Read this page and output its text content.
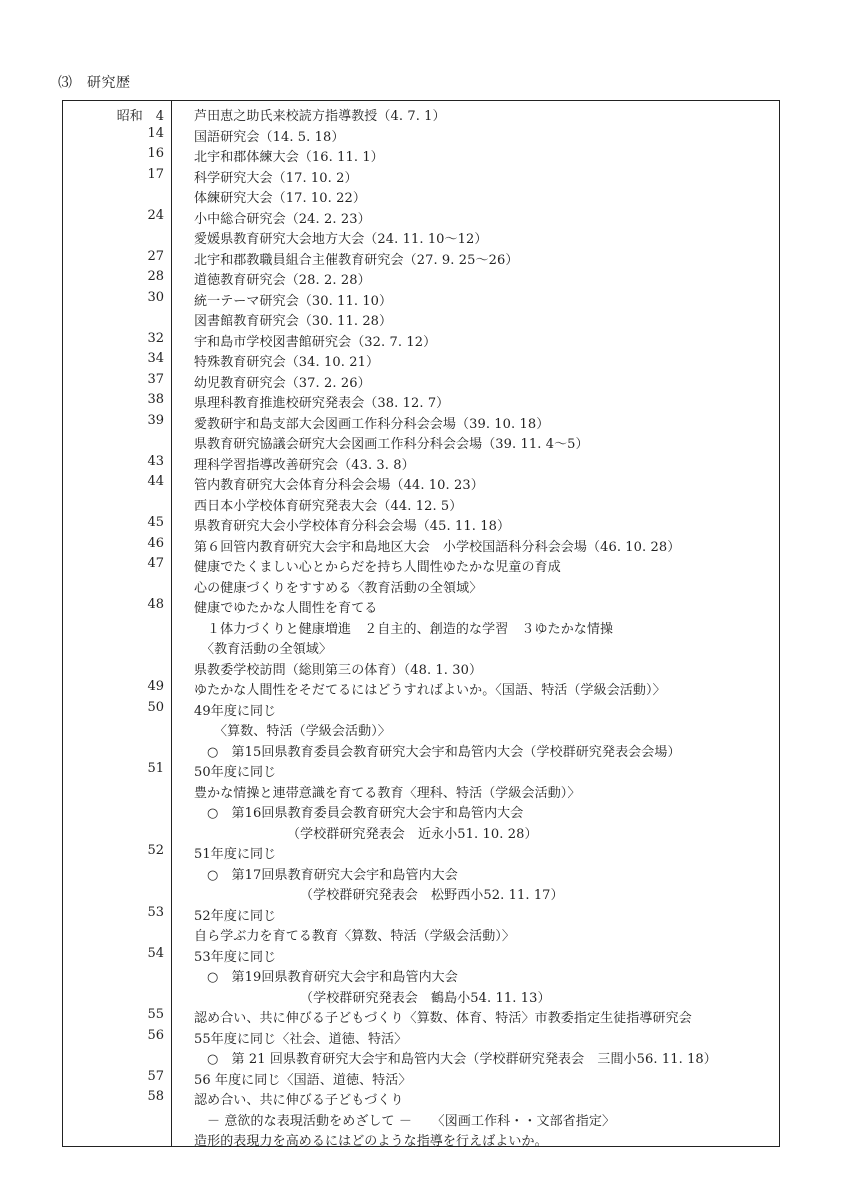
⑶　研究歴
昭和　4 芦田恵之助氏来校読方指導教授（4. 7. 1）
14 国語研究会（14. 5. 18）
16 北宇和郡体練大会（16. 11. 1）
17 科学研究大会（17. 10. 2）
体練研究大会（17. 10. 22）
24 小中総合研究会（24. 2. 23）
愛媛県教育研究大会地方大会（24. 11. 10〜12）
27 北宇和郡教職員組合主催教育研究会（27. 9. 25〜26）
28 道徳教育研究会（28. 2. 28）
30 統一テーマ研究会（30. 11. 10）
図書館教育研究会（30. 11. 28）
32 宇和島市学校図書館研究会（32. 7. 12）
34 特殊教育研究会（34. 10. 21）
37 幼児教育研究会（37. 2. 26）
38 県理科教育推進校研究発表会（38. 12. 7）
39 愛教研宇和島支部大会図画工作科分科会会場（39. 10. 18）
県教育研究協議会研究大会図画工作科分科会会場（39. 11. 4〜5）
43 理科学習指導改善研究会（43. 3. 8）
44 管内教育研究大会体育分科会会場（44. 10. 23）
西日本小学校体育研究発表大会（44. 12. 5）
45 県教育研究大会小学校体育分科会会場（45. 11. 18）
46 第６回管内教育研究大会宇和島地区大会　小学校国語科分科会会場（46. 10. 28）
47 健康でたくましい心とからだを持ち人間性ゆたかな児童の育成
心の健康づくりをすすめる〈教育活動の全領域〉
48 健康でゆたかな人間性を育てる
１体力づくりと健康増進　２自主的、創造的な学習　３ゆたかな情操
〈教育活動の全領域〉
県教委学校訪問（総則第三の体育）（48. 1. 30）
49 ゆたかな人間性をそだてるにはどうすればよいか。〈国語、特活（学級会活動）〉
50 49年度に同じ
〈算数、特活（学級会活動）〉
○　第15回県教育委員会教育研究大会宇和島管内大会（学校群研究発表会会場）
51 50年度に同じ
豊かな情操と連帯意識を育てる教育〈理科、特活（学級会活動）〉
○　第16回県教育委員会教育研究大会宇和島管内大会
（学校群研究発表会　近永小51. 10. 28）
52 51年度に同じ
○　第17回県教育研究大会宇和島管内大会
（学校群研究発表会　松野西小52. 11. 17）
53 52年度に同じ
自ら学ぶ力を育てる教育〈算数、特活（学級会活動）〉
54 53年度に同じ
○　第19回県教育研究大会宇和島管内大会
（学校群研究発表会　鶴島小54. 11. 13）
55 認め合い、共に伸びる子どもづくり〈算数、体育、特活〉市教委指定生徒指導研究会
56 55年度に同じ〈社会、道徳、特活〉
○　第 21 回県教育研究大会宇和島管内大会（学校群研究発表会　三間小56. 11. 18）
57 56 年度に同じ〈国語、道徳、特活〉
58 認め合い、共に伸びる子どもづくり
－ 意欲的な表現活動をめざして －　　〈図画工作科・・文部省指定〉
造形的表現力を高めるにはどのような指導を行えばよいか。
